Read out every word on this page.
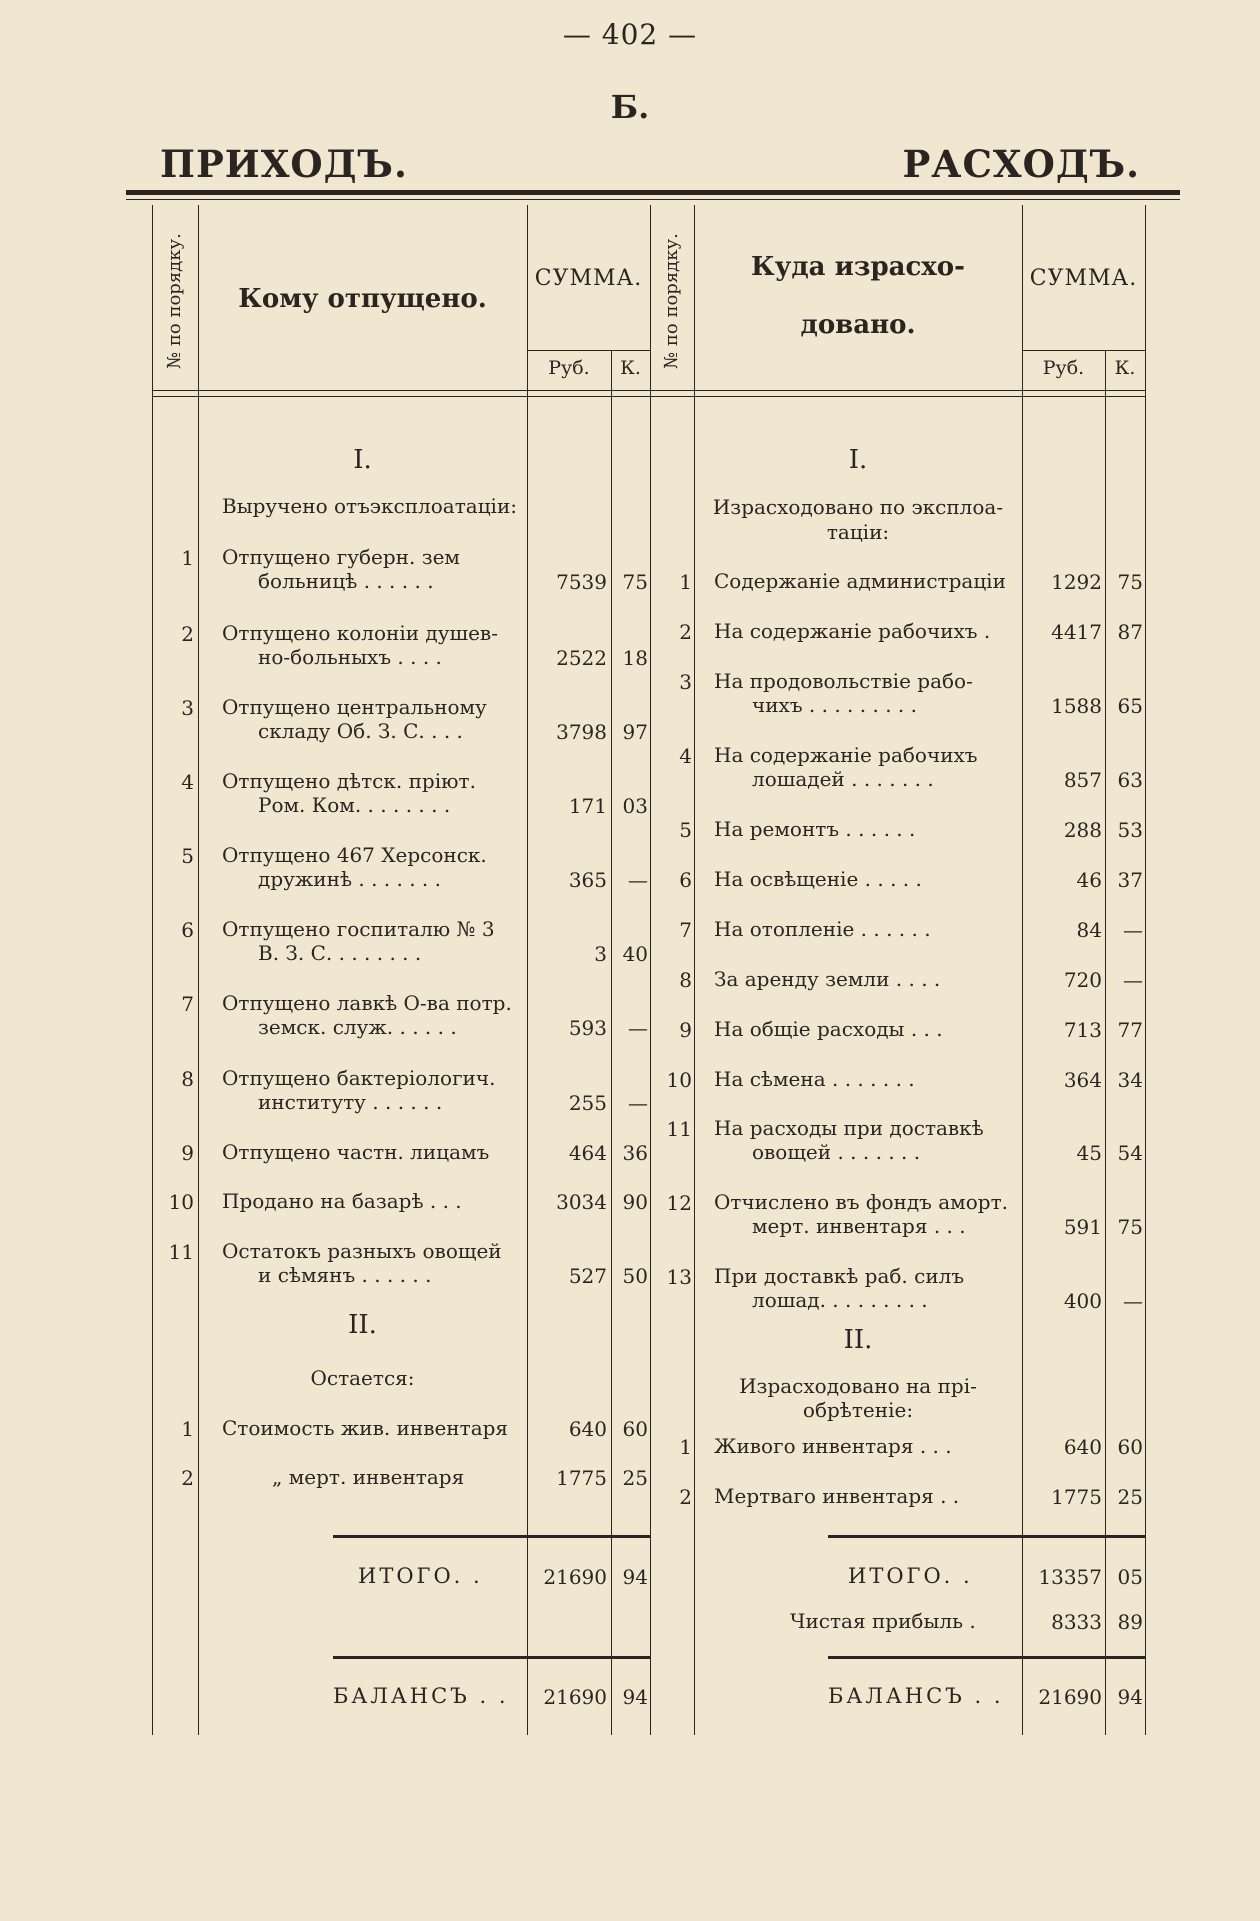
— 402 —
Б.
ПРИХОДЪ.	РАСХОДЪ.
№ по порядку.	Кому отпущено.
СУММА.
Руб.	К.	№ по порядку.	Куда израсхо-
довано.
СУММА.
Руб.	К.
I.
Выручено отъэксплоатаціи:
1 Отпущено губерн. зем
больницѣ . . . . . .	7539 75
2 Отпущено колоніи душев-
но-больныхъ . . . .	2522 18
3 Отпущено центральному
складу Об. З. С. . . .	3798 97
4 Отпущено дѣтск. пріют.
Ром. Ком. . . . . . . .	171 03
5 Отпущено 467 Херсонск.
дружинѣ . . . . . . .	365	—
6 Отпущено госпиталю № 3
В. З. С. . . . . . . .	3 40
7 Отпущено лавкѣ О-ва потр.
земск. служ. . . . . .	593	—
8 Отпущено бактеріологич.
институту . . . . . .	255	—
9 Отпущено частн. лицамъ	464 36
10 Продано на базарѣ . . .	3034 90
11 Остатокъ разныхъ овощей
и сѣмянъ . . . . . .	527 50
II.
Остается:
1 Стоимость жив. инвентаря	640 60
2	„ мерт. инвентаря	1775 25
ИТОГО. .	21690 94
БАЛАНСЪ . .	21690 94
I.
Израсходовано по эксплоа-
таціи:
1 Содержаніе администраціи	1292 75
2 На содержаніе рабочихъ .	4417 87
3 На продовольствіе рабо-
чихъ . . . . . . . . .	1588 65
4 На содержаніе рабочихъ
лошадей . . . . . . .	857 63
5 На ремонтъ . . . . . .	288 53
6 На освѣщеніе . . . . .	46 37
7 На отопленіе . . . . . .	84	—
8 За аренду земли . . . .	720	—
9 На общіе расходы . . .	713 77
10 На сѣмена . . . . . . .	364 34
11 На расходы при доставкѣ
овощей . . . . . . .	45 54
12 Отчислено въ фондъ аморт.
мерт. инвентаря . . .	591 75
13 При доставкѣ раб. силъ
лошад. . . . . . . . .	400	—
II.
Израсходовано на прі-
обрѣтеніе:
1 Живого инвентаря . . .	640 60
2 Мертваго инвентаря . .	1775 25
ИТОГО. .	13357 05
Чистая прибыль .	8333 89
БАЛАНСЪ . .	21690 94
